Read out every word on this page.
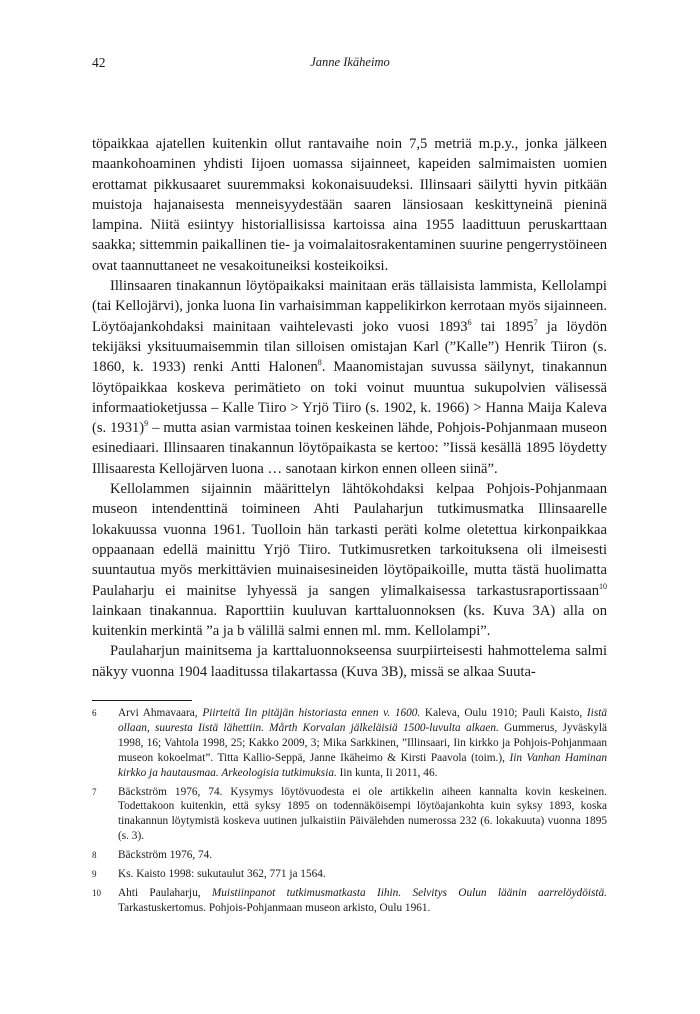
42	Janne Ikäheimo

töpaikkaa ajatellen kuitenkin ollut rantavaihe noin 7,5 metriä m.p.y., jonka jälkeen maankohoaminen yhdisti Iijoen uomassa sijainneet, kapeiden salmimaisten uomien erottamat pikkusaaret suuremmaksi kokonaisuudeksi. Illinsaari säilytti hyvin pitkään muistoja hajanaisesta menneisyydestään saaren länsiosaan keskittyneinä pieninä lampina. Niitä esiintyy historiallisissa kartoissa aina 1955 laadittuun peruskarttaan saakka; sittemmin paikallinen tie- ja voimalaitosrakentaminen suurine pengerrystöineen ovat taannuttaneet ne vesakoituneiksi kosteikoiksi.

Illinsaaren tinakannun löytöpaikaksi mainitaan eräs tällaisista lammista, Kellolampi (tai Kellojärvi), jonka luona Iin varhaisimman kappelikirkon kerrotaan myös sijainneen. Löytöajankohdaksi mainitaan vaihtelevasti joko vuosi 1893$^6$ tai 1895$^7$ ja löydön tekijäksi yksituumaisemmin tilan silloisen omistajan Karl (”Kalle”) Henrik Tiiron (s. 1860, k. 1933) renki Antti Halonen$^8$. Maanomistajan suvussa säilynyt, tinakannun löytöpaikkaa koskeva perimätieto on toki voinut muuntua sukupolvien välisessä informaatioketjussa – Kalle Tiiro > Yrjö Tiiro (s. 1902, k. 1966) > Hanna Maija Kaleva (s. 1931)$^9$ – mutta asian varmistaa toinen keskeinen lähde, Pohjois-Pohjanmaan museon esinediaari. Illinsaaren tinakannun löytöpaikasta se kertoo: ”Iissä kesällä 1895 löydetty Illisaaresta Kellojärven luona … sanotaan kirkon ennen olleen siinä”.

Kellolammen sijainnin määrittelyn lähtökohdaksi kelpaa Pohjois-Pohjanmaan museon intendenttinä toimineen Ahti Paulaharjun tutkimusmatka Illinsaarelle lokakuussa vuonna 1961. Tuolloin hän tarkasti peräti kolme oletettua kirkonpaikkaa oppaanaan edellä mainittu Yrjö Tiiro. Tutkimusretken tarkoituksena oli ilmeisesti suuntautua myös merkittävien muinaisesineiden löytöpaikoille, mutta tästä huolimatta Paulaharju ei mainitse lyhyessä ja sangen ylimalkaisessa tarkastusraportissaan$^{10}$ lainkaan tinakannua. Raporttiin kuuluvan karttaluonnoksen (ks. Kuva 3A) alla on kuitenkin merkintä ”a ja b välillä salmi ennen ml. mm. Kellolampi”.

Paulaharjun mainitsema ja karttaluonnokseensa suurpiirteisesti hahmottelema salmi näkyy vuonna 1904 laaditussa tilakartassa (Kuva 3B), missä se alkaa Suuta-

6	Arvi Ahmavaara, Piirteitä Iin pitäjän historiasta ennen v. 1600. Kaleva, Oulu 1910; Pauli Kaisto, Iistä ollaan, suuresta Iistä lähettiin. Mårth Korvalan jälkeläisiä 1500-luvulta alkaen. Gummerus, Jyväskylä 1998, 16; Vahtola 1998, 25; Kakko 2009, 3; Mika Sarkkinen, ”Illinsaari, Iin kirkko ja Pohjois-Pohjanmaan museon kokoelmat”. Titta Kallio-Seppä, Janne Ikäheimo & Kirsti Paavola (toim.), Iin Vanhan Haminan kirkko ja hautausmaa. Arkeologisia tutkimuksia. Iin kunta, Ii 2011, 46.
7	Bäckström 1976, 74. Kysymys löytövuodesta ei ole artikkelin aiheen kannalta kovin keskeinen. Todettakoon kuitenkin, että syksy 1895 on todennäköisempi löytöajankohta kuin syksy 1893, koska tinakannun löytymistä koskeva uutinen julkaistiin Päivälehden numerossa 232 (6. lokakuuta) vuonna 1895 (s. 3).
8	Bäckström 1976, 74.
9	Ks. Kaisto 1998: sukutaulut 362, 771 ja 1564.
10	Ahti Paulaharju, Muistiinpanot tutkimusmatkasta Iihin. Selvitys Oulun läänin aarrelöydöistä. Tarkastuskertomus. Pohjois-Pohjanmaan museon arkisto, Oulu 1961.
